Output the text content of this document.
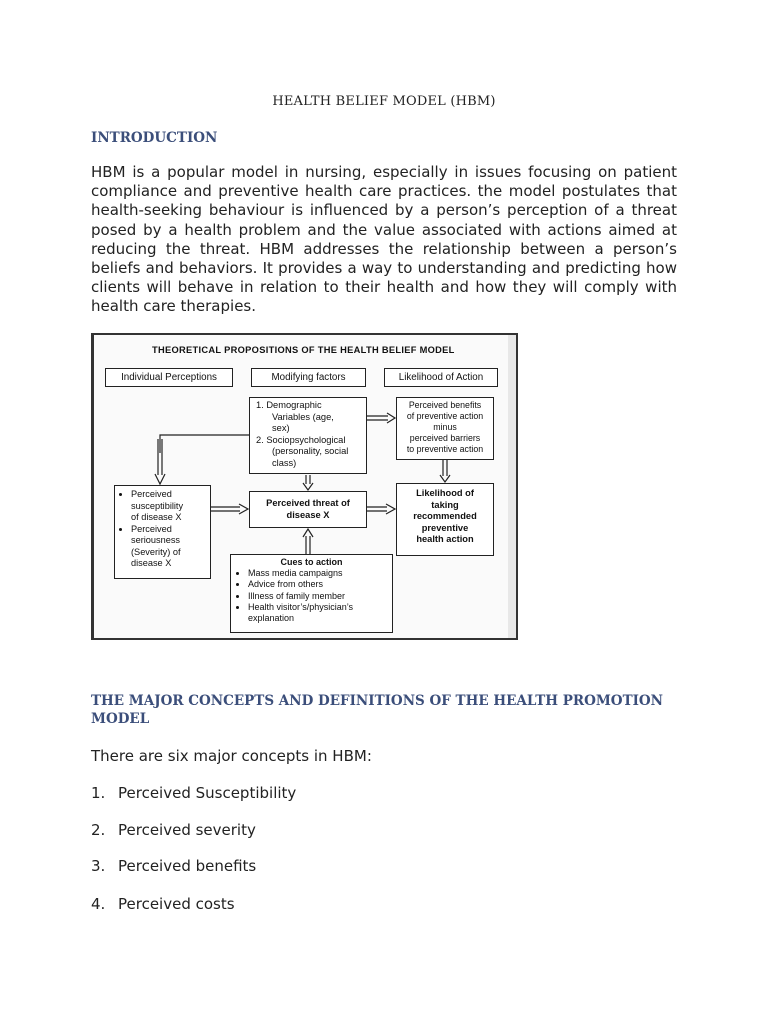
HEALTH BELIEF MODEL (HBM)
INTRODUCTION
HBM is a popular model in nursing, especially in issues focusing on patient
compliance and preventive health care practices. the model postulates that
health-seeking behaviour is influenced by a person’s perception of a threat
posed by a health problem and the value associated with actions aimed at
reducing the threat. HBM addresses the relationship between a person’s
beliefs and behaviors. It provides a way to understanding and predicting how
clients will behave in relation to their health and how they will comply with
health care therapies.
THEORETICAL PROPOSITIONS OF THE HEALTH BELIEF MODEL
Individual Perceptions	Modifying factors	Likelihood of Action
1. Demographic
Variables (age,
sex)
2. Sociopsychological
(personality, social
class)
Perceived benefits
of preventive action
minus
perceived barriers
to preventive action
• Perceived
susceptibility
of disease X
• Perceived
seriousness
(Severity) of
disease X
Perceived threat of
disease X
Likelihood of
taking
recommended
preventive
health action
Cues to action
• Mass media campaigns
• Advice from others
• Illness of family member
• Health visitor’s/physician’s
explanation
THE MAJOR CONCEPTS AND DEFINITIONS OF THE HEALTH PROMOTION
MODEL
There are six major concepts in HBM:
1. Perceived Susceptibility
2. Perceived severity
3. Perceived benefits
4. Perceived costs
